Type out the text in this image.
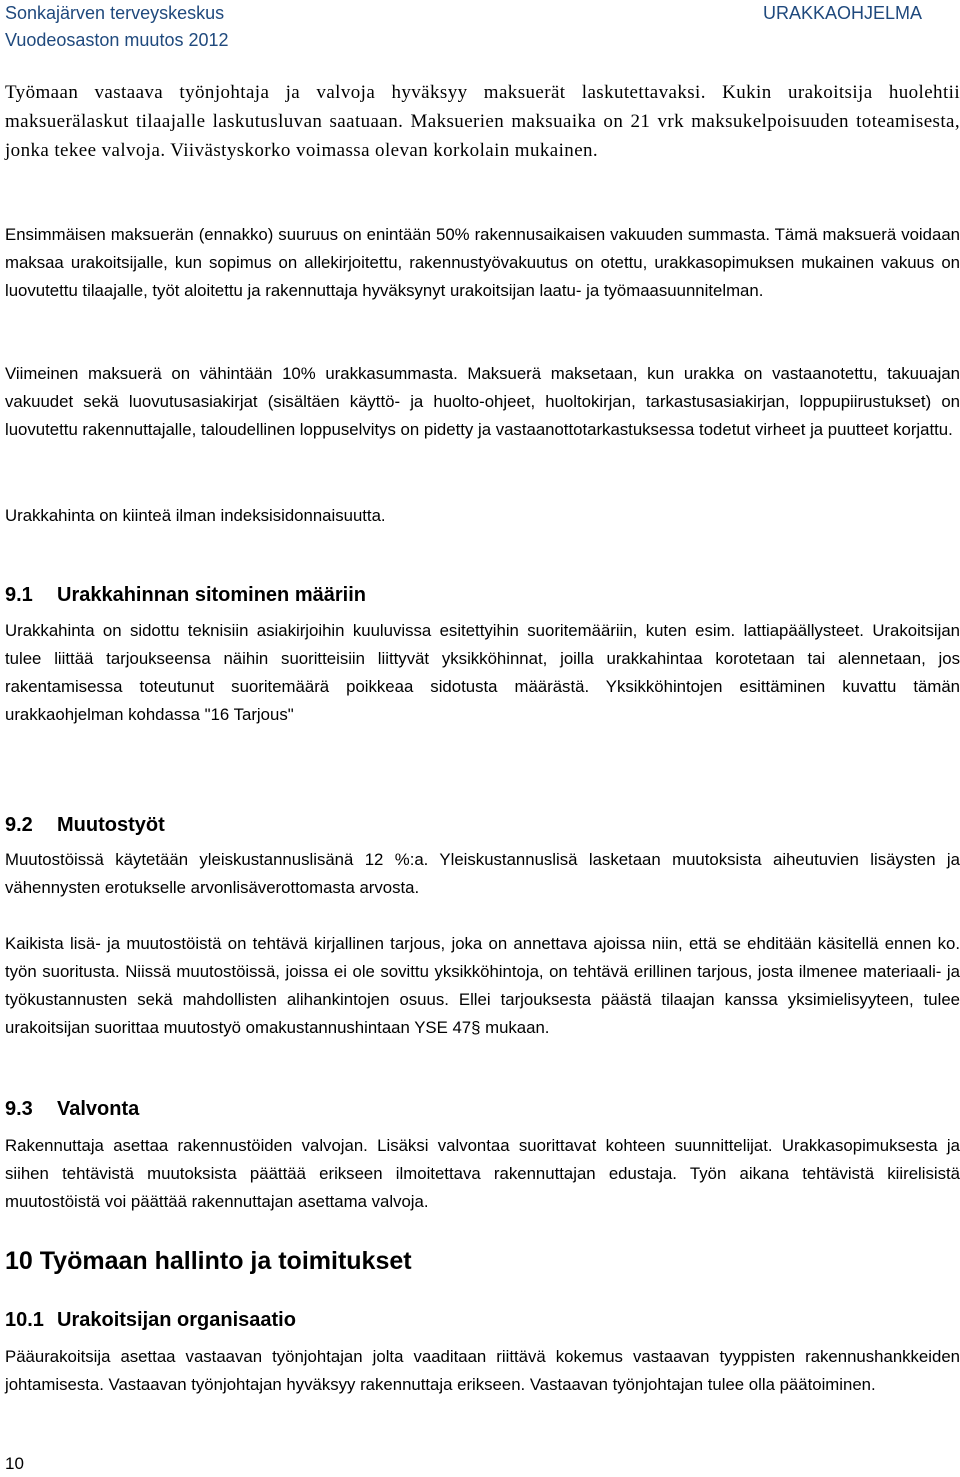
Sonkajärven terveyskeskus
Vuodeosaston muutos 2012
URAKKAOHJELMA

Työmaan vastaava työnjohtaja ja valvoja hyväksyy maksuerät laskutettavaksi. Kukin urakoitsija huolehtii maksuerälaskut tilaajalle laskutusluvan saatuaan. Maksuerien maksuaika on 21 vrk maksukelpoisuuden toteamisesta, jonka tekee valvoja. Viivästyskorko voimassa olevan korkolain mukainen.

Ensimmäisen maksuerän (ennakko) suuruus on enintään 50% rakennusaikaisen vakuuden summasta. Tämä maksuerä voidaan maksaa urakoitsijalle, kun sopimus on allekirjoitettu, rakennustyövakuutus on otettu, urakkasopimuksen mukainen vakuus on luovutettu tilaajalle, työt aloitettu ja rakennuttaja hyväksynyt urakoitsijan laatu- ja työmaasuunnitelman.

Viimeinen maksuerä on vähintään 10% urakkasummasta. Maksuerä maksetaan, kun urakka on vastaanotettu, takuuajan vakuudet sekä luovutusasiakirjat (sisältäen käyttö- ja huolto-ohjeet, huoltokirjan, tarkastusasiakirjan, loppupiirustukset) on luovutettu rakennuttajalle, taloudellinen loppuselvitys on pidetty ja vastaanottotarkastuksessa todetut virheet ja puutteet korjattu.

Urakkahinta on kiinteä ilman indeksisidonnaisuutta.

9.1 Urakkahinnan sitominen määriin

Urakkahinta on sidottu teknisiin asiakirjoihin kuuluvissa esitettyihin suoritemääriin, kuten esim. lattiapäällysteet. Urakoitsijan tulee liittää tarjoukseensa näihin suoritteisiin liittyvät yksikköhinnat, joilla urakkahintaa korotetaan tai alennetaan, jos rakentamisessa toteutunut suoritemäärä poikkeaa sidotusta määrästä. Yksikköhintojen esittäminen kuvattu tämän urakkaohjelman kohdassa "16 Tarjous"

9.2 Muutostyöt

Muutostöissä käytetään yleiskustannuslisänä 12 %:a. Yleiskustannuslisä lasketaan muutoksista aiheutuvien lisäysten ja vähennysten erotukselle arvonlisäverottomasta arvosta.

Kaikista lisä- ja muutostöistä on tehtävä kirjallinen tarjous, joka on annettava ajoissa niin, että se ehditään käsitellä ennen ko. työn suoritusta. Niissä muutostöissä, joissa ei ole sovittu yksikköhintoja, on tehtävä erillinen tarjous, josta ilmenee materiaali- ja työkustannusten sekä mahdollisten alihankintojen osuus. Ellei tarjouksesta päästä tilaajan kanssa yksimielisyyteen, tulee urakoitsijan suorittaa muutostyö omakustannushintaan YSE 47§ mukaan.

9.3 Valvonta

Rakennuttaja asettaa rakennustöiden valvojan. Lisäksi valvontaa suorittavat kohteen suunnittelijat. Urakkasopimuksesta ja siihen tehtävistä muutoksista päättää erikseen ilmoitettava rakennuttajan edustaja. Työn aikana tehtävistä kiirelisistä muutostöistä voi päättää rakennuttajan asettama valvoja.

10 Työmaan hallinto ja toimitukset
10.1 Urakoitsijan organisaatio

Pääurakoitsija asettaa vastaavan työnjohtajan jolta vaaditaan riittävä kokemus vastaavan tyyppisten rakennushankkeiden johtamisesta. Vastaavan työnjohtajan hyväksyy rakennuttaja erikseen. Vastaavan työnjohtajan tulee olla päätoiminen.

10
